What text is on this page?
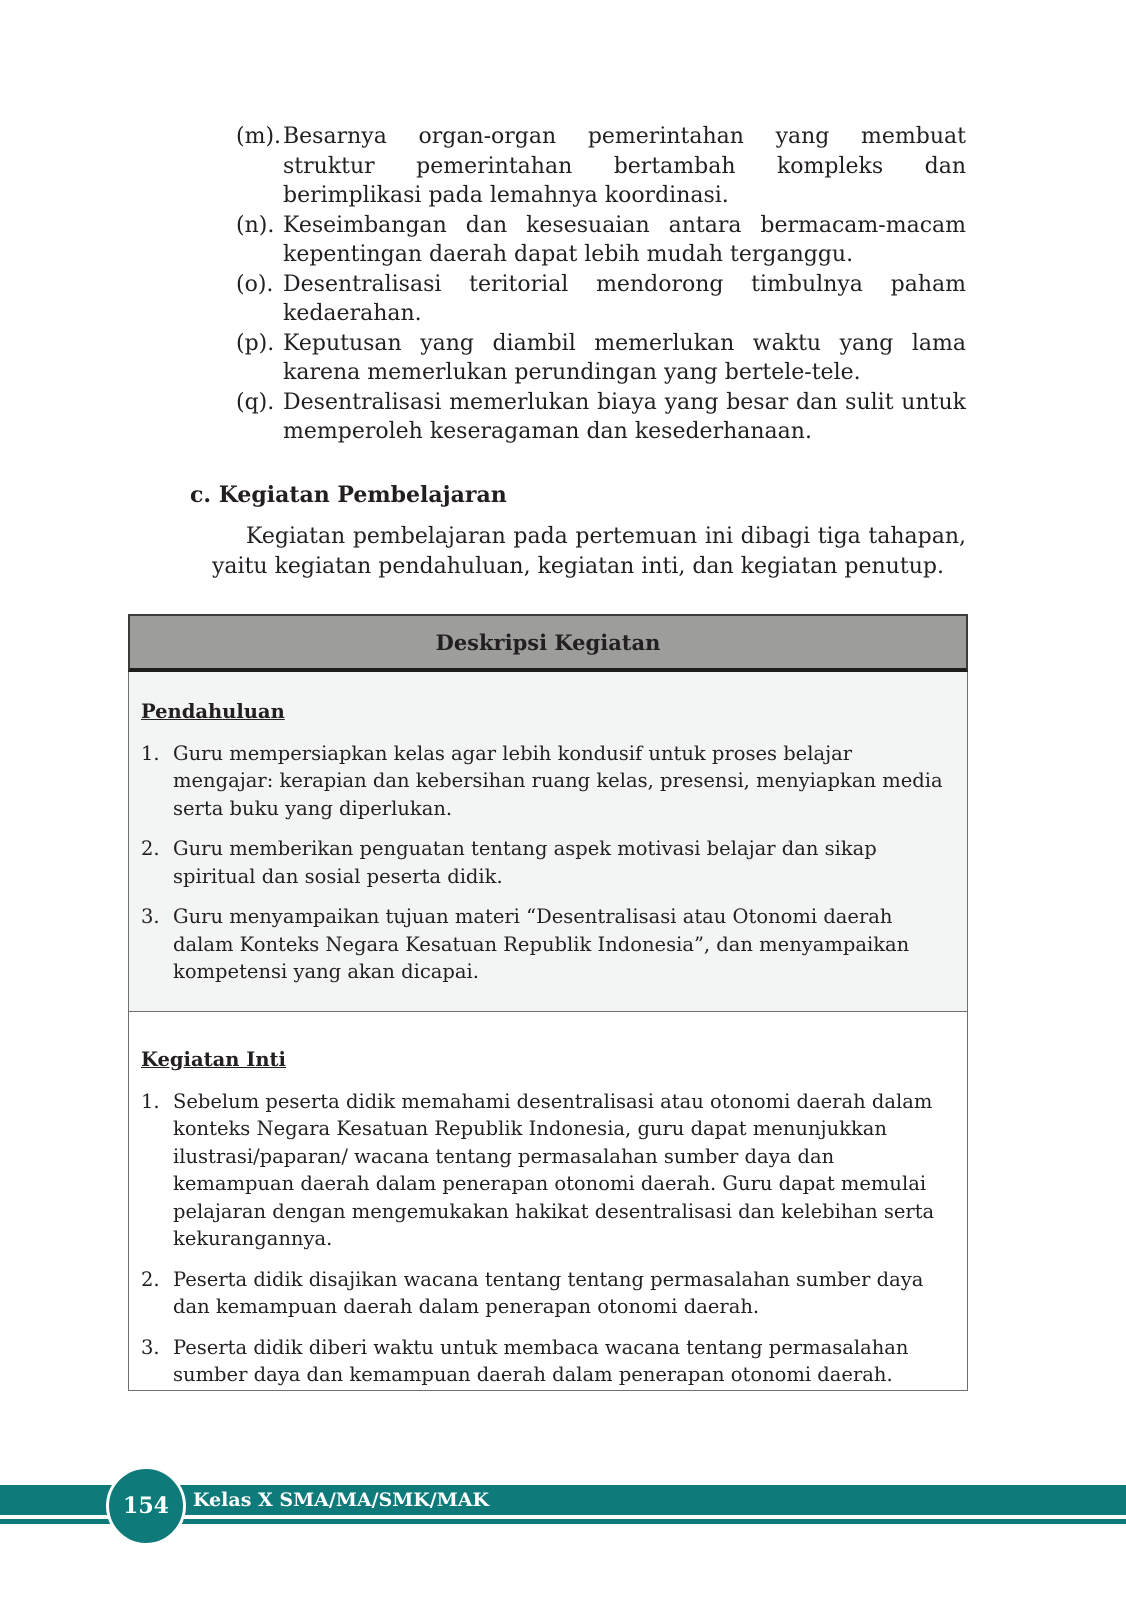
(m). Besarnya organ-organ pemerintahan yang membuat struktur pemerintahan bertambah kompleks dan berimplikasi pada lemahnya koordinasi.
(n). Keseimbangan dan kesesuaian antara bermacam-macam kepentingan daerah dapat lebih mudah terganggu.
(o). Desentralisasi teritorial mendorong timbulnya paham kedaerahan.
(p). Keputusan yang diambil memerlukan waktu yang lama karena memerlukan perundingan yang bertele-tele.
(q). Desentralisasi memerlukan biaya yang besar dan sulit untuk memperoleh keseragaman dan kesederhanaan.
c. Kegiatan Pembelajaran

Kegiatan pembelajaran pada pertemuan ini dibagi tiga tahapan, yaitu kegiatan pendahuluan, kegiatan inti, dan kegiatan penutup.

Deskripsi Kegiatan
Pendahuluan
1. Guru mempersiapkan kelas agar lebih kondusif untuk proses belajar mengajar: kerapian dan kebersihan ruang kelas, presensi, menyiapkan media serta buku yang diperlukan.
2. Guru memberikan penguatan tentang aspek motivasi belajar dan sikap spiritual dan sosial peserta didik.
3. Guru menyampaikan tujuan materi “Desentralisasi atau Otonomi daerah dalam Konteks Negara Kesatuan Republik Indonesia”, dan menyampaikan kompetensi yang akan dicapai.
Kegiatan Inti
1. Sebelum peserta didik memahami desentralisasi atau otonomi daerah dalam konteks Negara Kesatuan Republik Indonesia, guru dapat menunjukkan ilustrasi/paparan/ wacana tentang permasalahan sumber daya dan kemampuan daerah dalam penerapan otonomi daerah. Guru dapat memulai pelajaran dengan mengemukakan hakikat desentralisasi dan kelebihan serta kekurangannya.
2. Peserta didik disajikan wacana tentang tentang permasalahan sumber daya dan kemampuan daerah dalam penerapan otonomi daerah.
3. Peserta didik diberi waktu untuk membaca wacana tentang permasalahan sumber daya dan kemampuan daerah dalam penerapan otonomi daerah.
154 Kelas X SMA/MA/SMK/MAK
